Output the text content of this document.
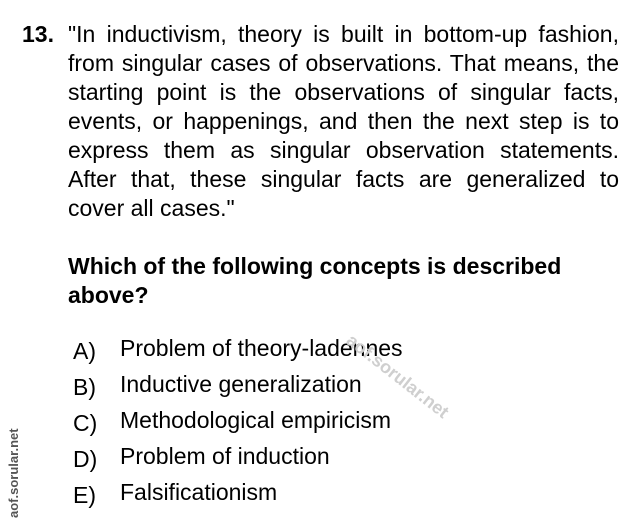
13. "In inductivism, theory is built in bottom-up fashion, from singular cases of observations. That means, the starting point is the observations of singular facts, events, or happenings, and then the next step is to express them as singular observation statements. After that, these singular facts are generalized to cover all cases."
Which of the following concepts is described above?
A) Problem of theory-ladennes
B) Inductive generalization
C) Methodological empiricism
D) Problem of induction
E) Falsificationism
aof.sorular.net
aof.sorular.net
